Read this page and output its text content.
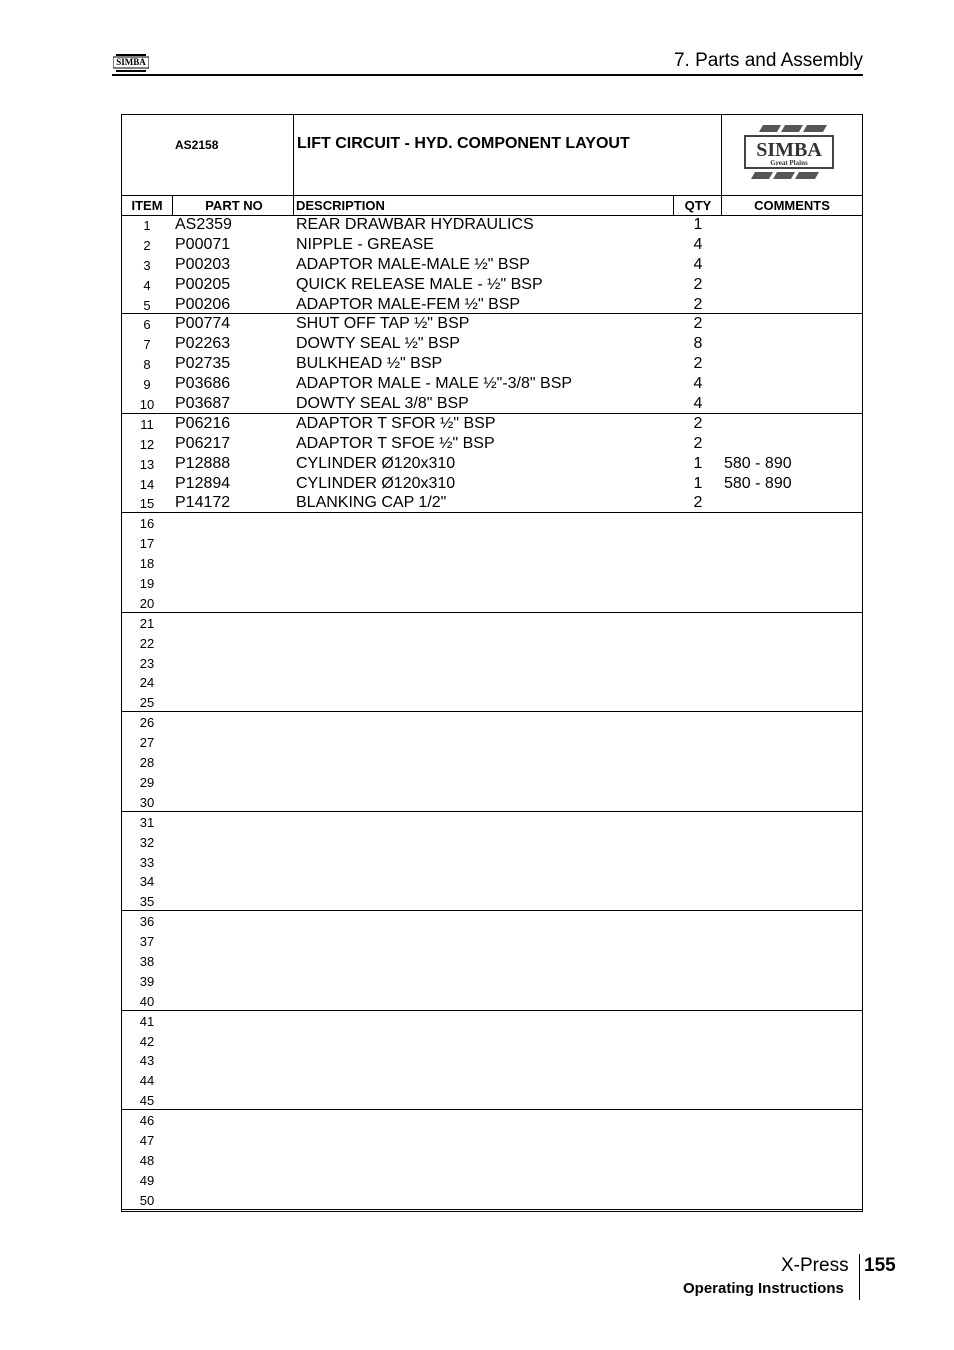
SIMBA	7. Parts and Assembly
AS2158	LIFT CIRCUIT - HYD. COMPONENT LAYOUT	SIMBA
Great Plains
ITEM	PART NO	DESCRIPTION	QTY	COMMENTS
1	AS2359	REAR DRAWBAR HYDRAULICS	1
2	P00071	NIPPLE - GREASE	4
3	P00203	ADAPTOR MALE-MALE ½" BSP	4
4	P00205	QUICK RELEASE MALE - ½" BSP	2
5	P00206	ADAPTOR MALE-FEM ½" BSP	2
6	P00774	SHUT OFF TAP ½" BSP	2
7	P02263	DOWTY SEAL ½" BSP	8
8	P02735	BULKHEAD ½" BSP	2
9	P03686	ADAPTOR MALE - MALE ½"-3/8" BSP	4
10	P03687	DOWTY SEAL 3/8" BSP	4
11	P06216	ADAPTOR T SFOR ½" BSP	2
12	P06217	ADAPTOR T SFOE ½" BSP	2
13	P12888	CYLINDER Ø120x310	1	580 - 890
14	P12894	CYLINDER Ø120x310	1	580 - 890
15	P14172	BLANKING CAP 1/2"	2
16
17
18
19
20
21
22
23
24
25
26
27
28
29
30
31
32
33
34
35
36
37
38
39
40
41
42
43
44
45
46
47
48
49
50
X-Press 155
Operating Instructions
